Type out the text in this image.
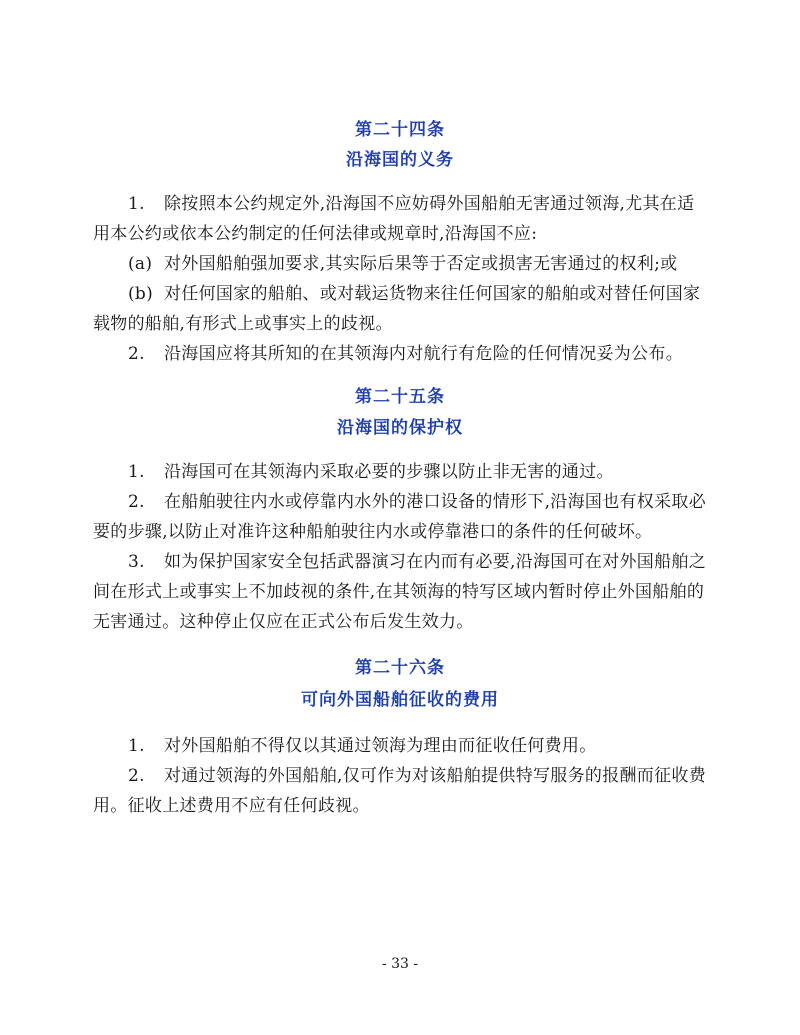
第二十四条
沿海国的义务
1. 除按照本公约规定外,沿海国不应妨碍外国船舶无害通过领海,尤其在适
用本公约或依本公约制定的任何法律或规章时,沿海国不应:
(a) 对外国船舶强加要求,其实际后果等于否定或损害无害通过的权利;或
(b) 对任何国家的船舶、或对载运货物来往任何国家的船舶或对替任何国家
载物的船舶,有形式上或事实上的歧视。
2. 沿海国应将其所知的在其领海内对航行有危险的任何情况妥为公布。
第二十五条
沿海国的保护权
1. 沿海国可在其领海内采取必要的步骤以防止非无害的通过。
2. 在船舶驶往内水或停靠内水外的港口设备的情形下,沿海国也有权采取必
要的步骤,以防止对准许这种船舶驶往内水或停靠港口的条件的任何破坏。
3. 如为保护国家安全包括武器演习在内而有必要,沿海国可在对外国船舶之
间在形式上或事实上不加歧视的条件,在其领海的特写区域内暂时停止外国船舶的
无害通过。这种停止仅应在正式公布后发生效力。
第二十六条
可向外国船舶征收的费用
1. 对外国船舶不得仅以其通过领海为理由而征收任何费用。
2. 对通过领海的外国船舶,仅可作为对该船舶提供特写服务的报酬而征收费
用。征收上述费用不应有任何歧视。
- 33 -
